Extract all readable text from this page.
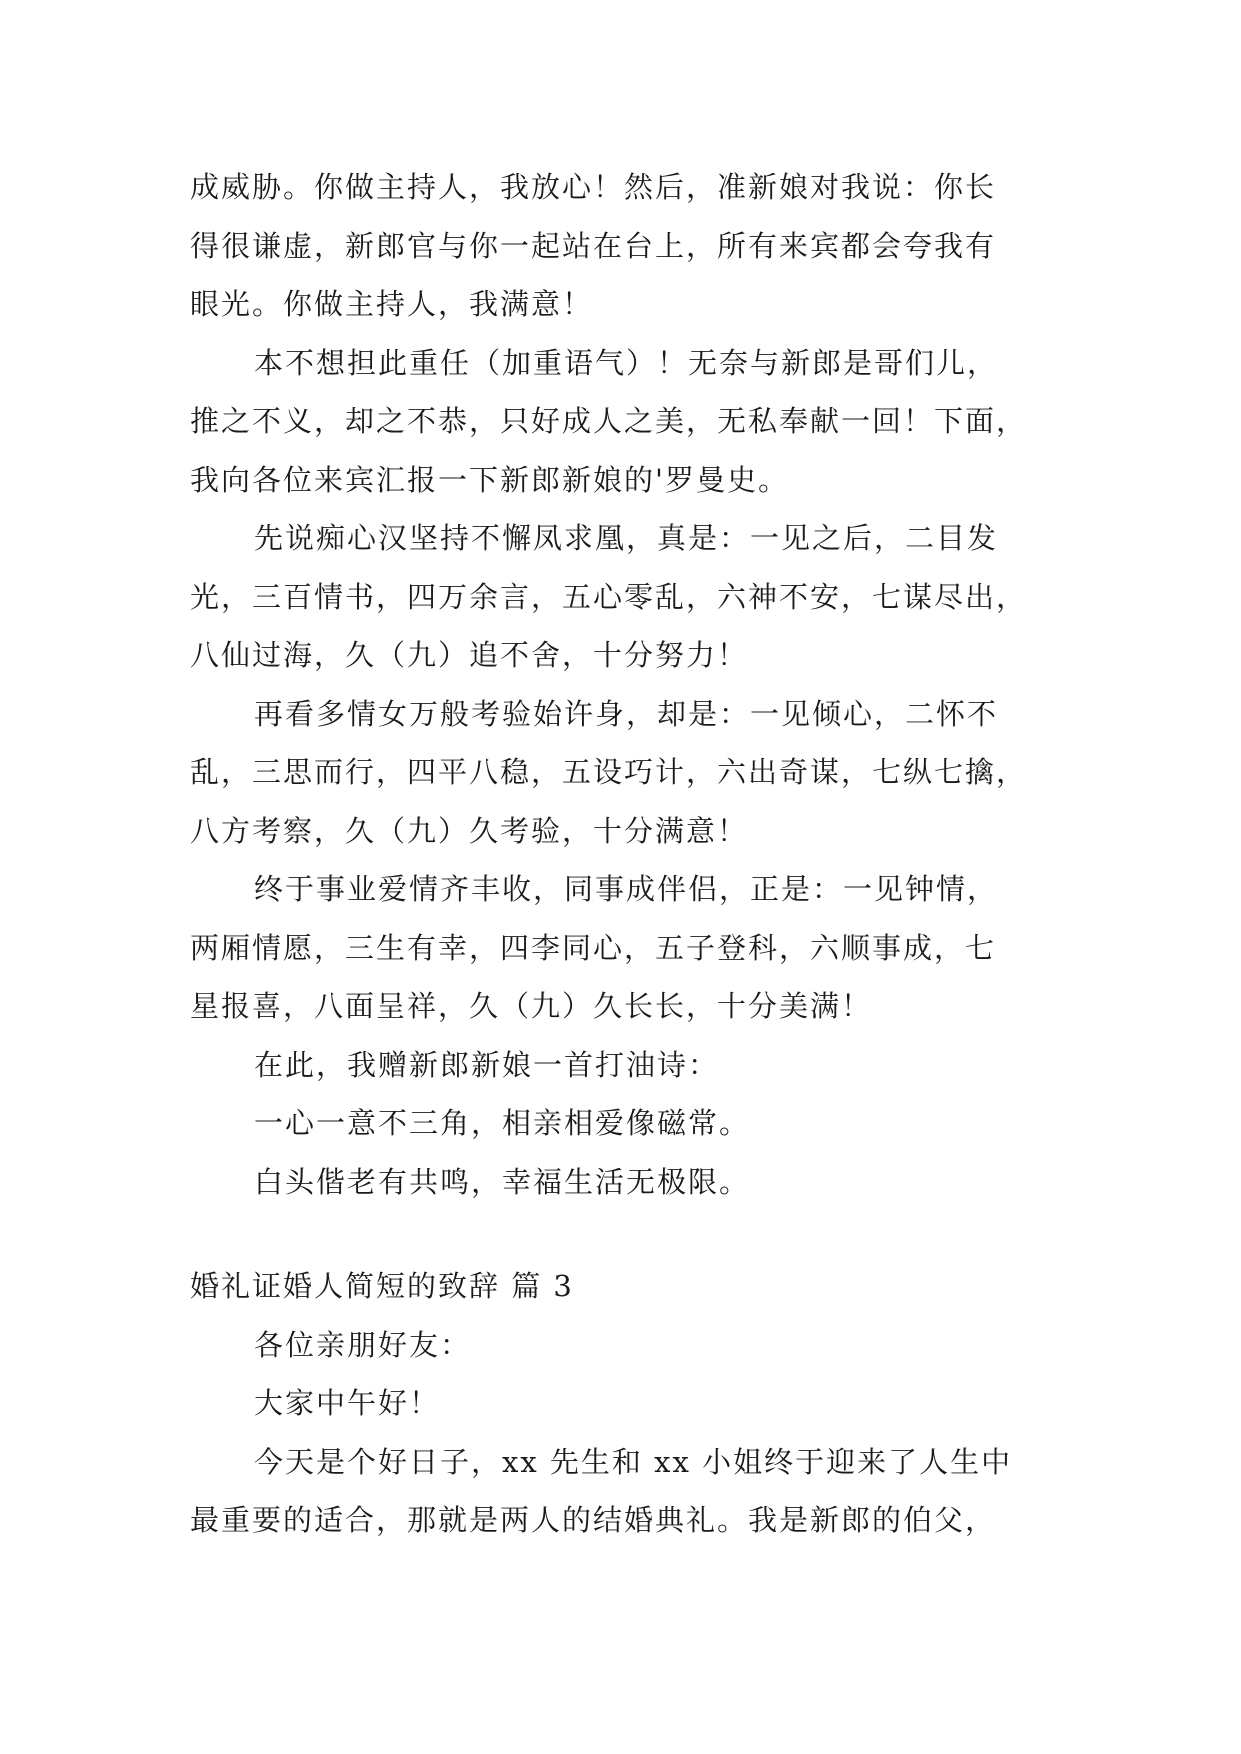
成威胁。你做主持人，我放心！然后，准新娘对我说：你长
得很谦虚，新郎官与你一起站在台上，所有来宾都会夸我有
眼光。你做主持人，我满意！
本不想担此重任（加重语气）！无奈与新郎是哥们儿，
推之不义，却之不恭，只好成人之美，无私奉献一回！下面，
我向各位来宾汇报一下新郎新娘的'罗曼史。
先说痴心汉坚持不懈凤求凰，真是：一见之后，二目发
光，三百情书，四万余言，五心零乱，六神不安，七谋尽出，
八仙过海，久（九）追不舍，十分努力！
再看多情女万般考验始许身，却是：一见倾心，二怀不
乱，三思而行，四平八稳，五设巧计，六出奇谋，七纵七擒，
八方考察，久（九）久考验，十分满意！
终于事业爱情齐丰收，同事成伴侣，正是：一见钟情，
两厢情愿，三生有幸，四李同心，五子登科，六顺事成，七
星报喜，八面呈祥，久（九）久长长，十分美满！
在此，我赠新郎新娘一首打油诗：
一心一意不三角，相亲相爱像磁常。
白头偕老有共鸣，幸福生活无极限。
婚礼证婚人简短的致辞 篇 3
各位亲朋好友：
大家中午好！
今天是个好日子，xx 先生和 xx 小姐终于迎来了人生中
最重要的适合，那就是两人的结婚典礼。我是新郎的伯父，
